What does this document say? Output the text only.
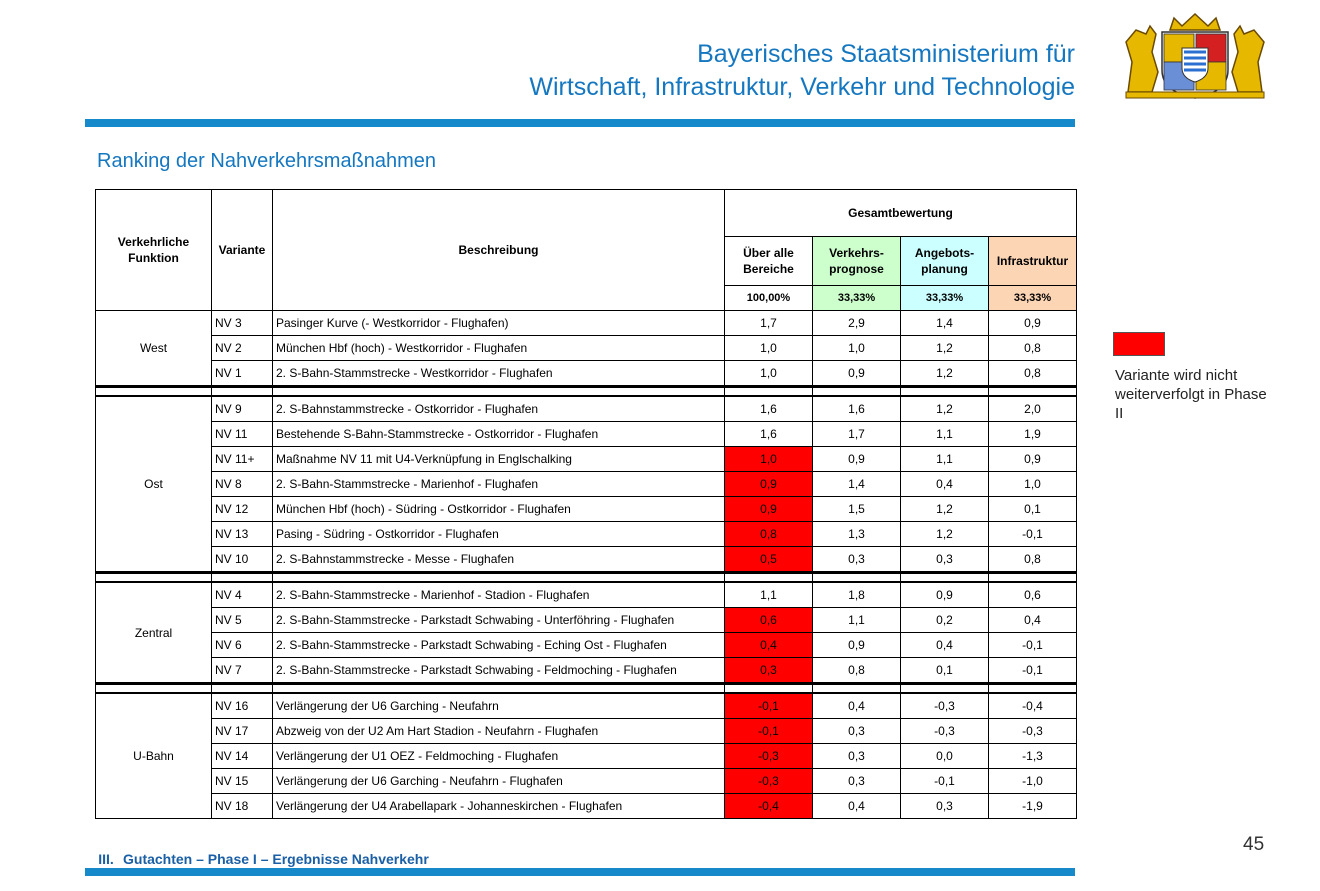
Bayerisches Staatsministerium für
Wirtschaft, Infrastruktur, Verkehr und Technologie
Ranking der Nahverkehrsmaßnahmen
Verkehrliche Funktion	Variante	Beschreibung	Gesamtbewertung			
			Über alle Bereiche	Verkehrs-prognose	Angebots-planung	Infrastruktur
			100,00%	33,33%	33,33%	33,33%
West	NV 3	Pasinger Kurve (- Westkorridor - Flughafen)	1,7	2,9	1,4	0,9
	NV 2	München Hbf (hoch) - Westkorridor - Flughafen	1,0	1,0	1,2	0,8
	NV 1	2. S-Bahn-Stammstrecke - Westkorridor - Flughafen	1,0	0,9	1,2	0,8

Ost	NV 9	2. S-Bahnstammstrecke - Ostkorridor - Flughafen	1,6	1,6	1,2	2,0
	NV 11	Bestehende S-Bahn-Stammstrecke - Ostkorridor - Flughafen	1,6	1,7	1,1	1,9
	NV 11+	Maßnahme NV 11 mit U4-Verknüpfung in Englschalking	1,0	0,9	1,1	0,9
	NV 8	2. S-Bahn-Stammstrecke - Marienhof - Flughafen	0,9	1,4	0,4	1,0
	NV 12	München Hbf (hoch) - Südring - Ostkorridor - Flughafen	0,9	1,5	1,2	0,1
	NV 13	Pasing - Südring - Ostkorridor - Flughafen	0,8	1,3	1,2	-0,1
	NV 10	2. S-Bahnstammstrecke - Messe - Flughafen	0,5	0,3	0,3	0,8

Zentral	NV 4	2. S-Bahn-Stammstrecke - Marienhof - Stadion - Flughafen	1,1	1,8	0,9	0,6
	NV 5	2. S-Bahn-Stammstrecke - Parkstadt Schwabing - Unterföhring - Flughafen	0,6	1,1	0,2	0,4
	NV 6	2. S-Bahn-Stammstrecke - Parkstadt Schwabing - Eching Ost - Flughafen	0,4	0,9	0,4	-0,1
	NV 7	2. S-Bahn-Stammstrecke - Parkstadt Schwabing - Feldmoching - Flughafen	0,3	0,8	0,1	-0,1

U-Bahn	NV 16	Verlängerung der U6 Garching - Neufahrn	-0,1	0,4	-0,3	-0,4
	NV 17	Abzweig von der U2 Am Hart Stadion - Neufahrn - Flughafen	-0,1	0,3	-0,3	-0,3
	NV 14	Verlängerung der U1 OEZ - Feldmoching - Flughafen	-0,3	0,3	0,0	-1,3
	NV 15	Verlängerung der U6 Garching - Neufahrn - Flughafen	-0,3	0,3	-0,1	-1,0
	NV 18	Verlängerung der U4 Arabellapark - Johanneskirchen - Flughafen	-0,4	0,4	0,3	-1,9
Variante wird nicht weiterverfolgt in Phase II
45
III. Gutachten – Phase I – Ergebnisse Nahverkehr
